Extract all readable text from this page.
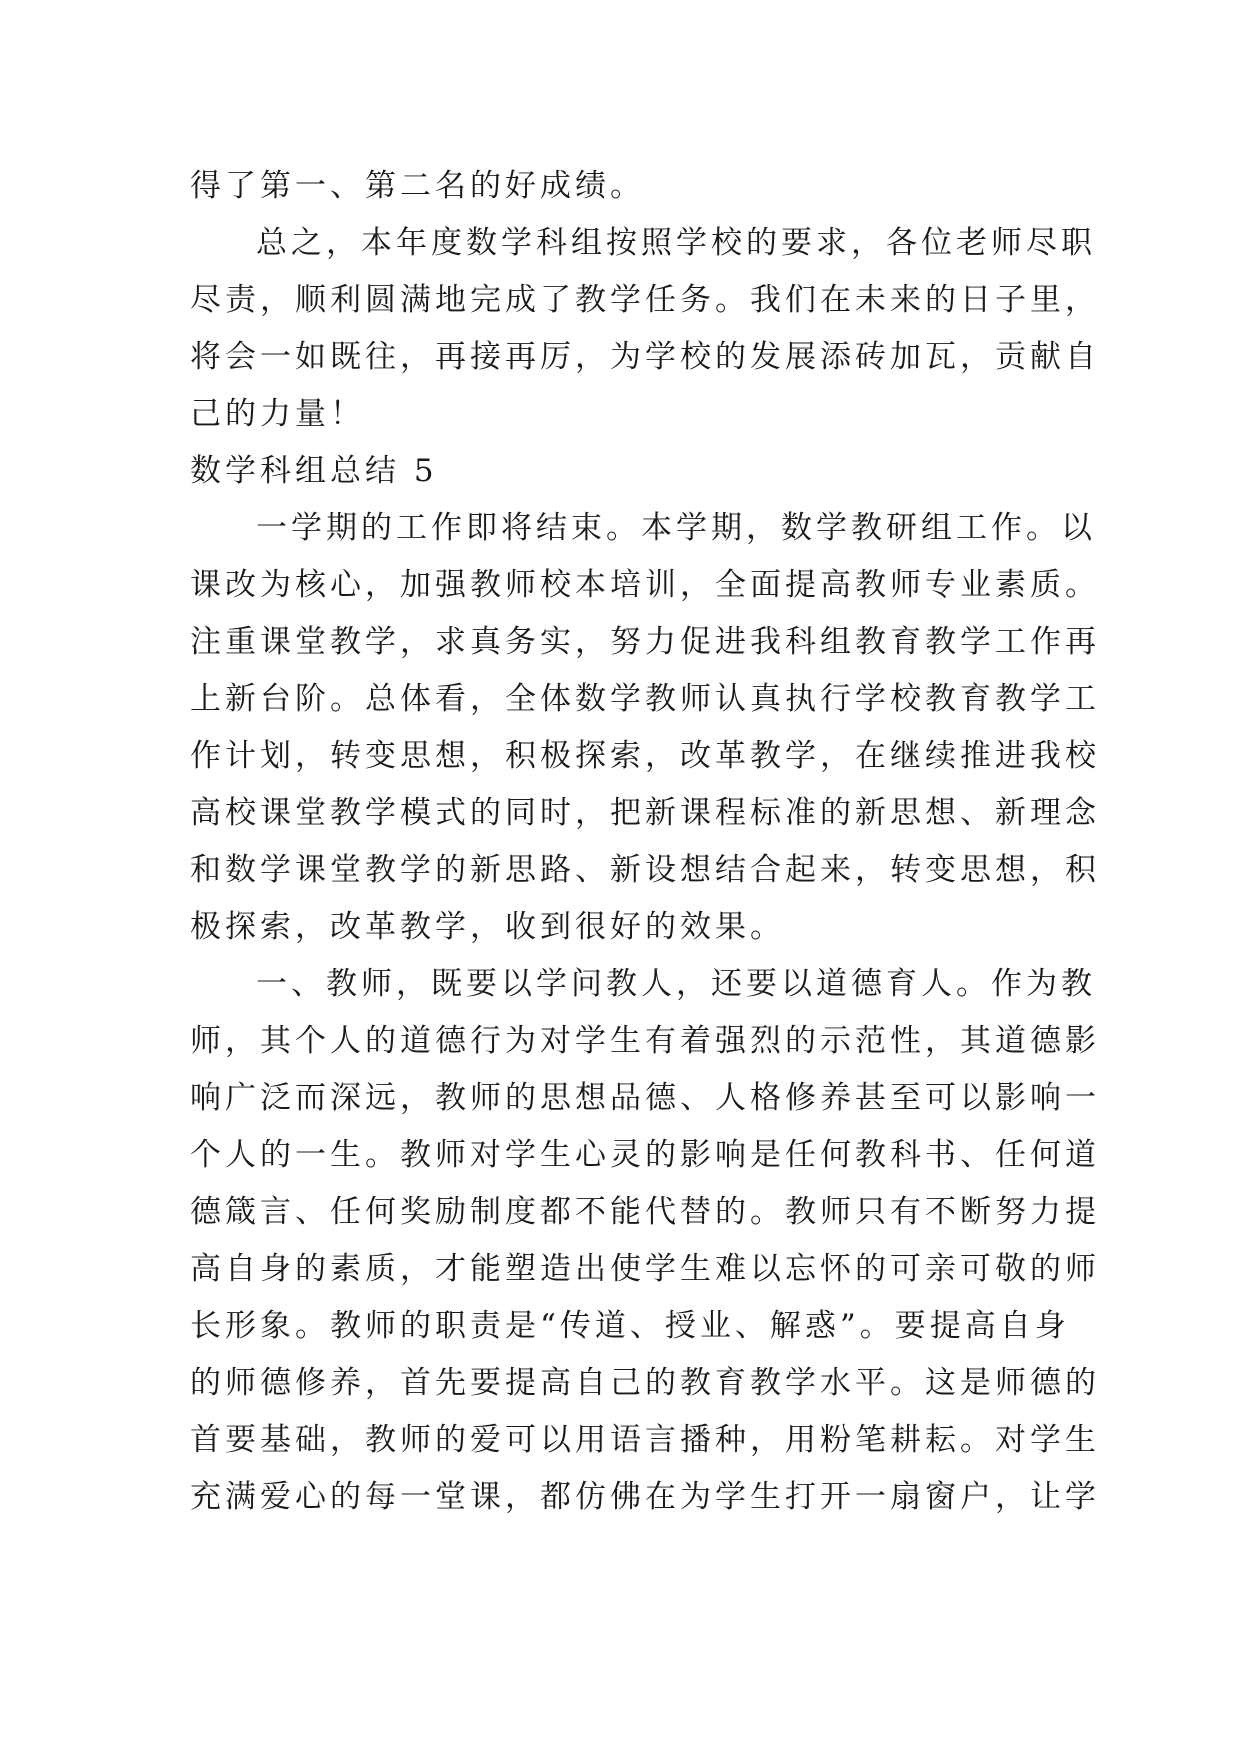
得了第一、第二名的好成绩。
总之，本年度数学科组按照学校的要求，各位老师尽职
尽责，顺利圆满地完成了教学任务。我们在未来的日子里，
将会一如既往，再接再厉，为学校的发展添砖加瓦，贡献自
己的力量！
数学科组总结 5
一学期的工作即将结束。本学期，数学教研组工作。以
课改为核心，加强教师校本培训，全面提高教师专业素质。
注重课堂教学，求真务实，努力促进我科组教育教学工作再
上新台阶。总体看，全体数学教师认真执行学校教育教学工
作计划，转变思想，积极探索，改革教学，在继续推进我校
高校课堂教学模式的同时，把新课程标准的新思想、新理念
和数学课堂教学的新思路、新设想结合起来，转变思想，积
极探索，改革教学，收到很好的效果。
一、教师，既要以学问教人，还要以道德育人。作为教
师，其个人的道德行为对学生有着强烈的示范性，其道德影
响广泛而深远，教师的思想品德、人格修养甚至可以影响一
个人的一生。教师对学生心灵的影响是任何教科书、任何道
德箴言、任何奖励制度都不能代替的。教师只有不断努力提
高自身的素质，才能塑造出使学生难以忘怀的可亲可敬的师
长形象。教师的职责是“传道、授业、解惑”。要提高自身
的师德修养，首先要提高自己的教育教学水平。这是师德的
首要基础，教师的爱可以用语言播种，用粉笔耕耘。对学生
充满爱心的每一堂课，都仿佛在为学生打开一扇窗户，让学
